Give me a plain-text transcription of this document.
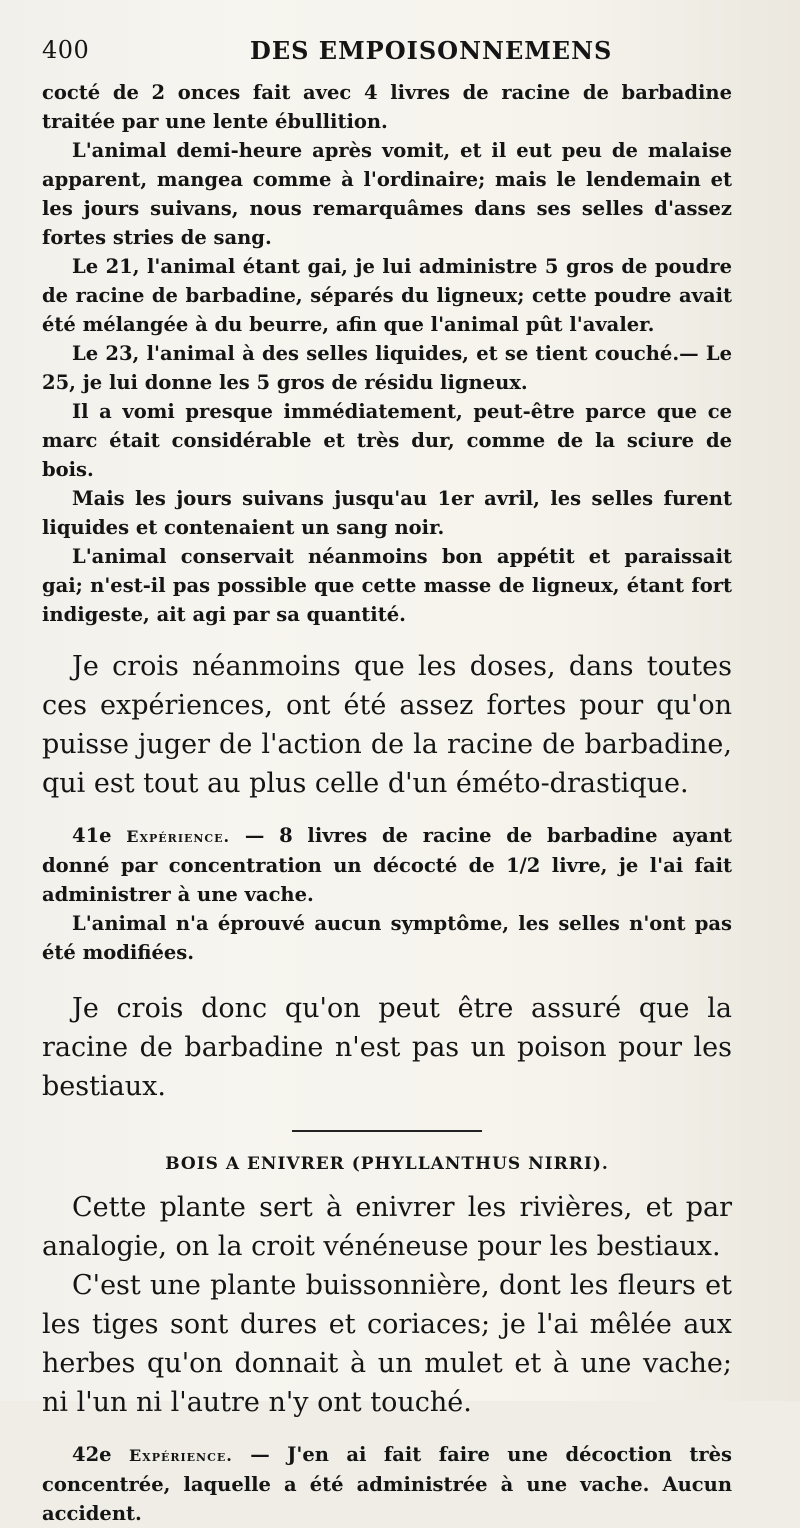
400	DES EMPOISONNEMENS

cocté de 2 onces fait avec 4 livres de racine de barbadine traitée par une lente ébullition.

L'animal demi-heure après vomit, et il eut peu de malaise apparent, mangea comme à l'ordinaire; mais le lendemain et les jours suivans, nous remarquâmes dans ses selles d'assez fortes stries de sang.

Le 21, l'animal étant gai, je lui administre 5 gros de poudre de racine de barbadine, séparés du ligneux; cette poudre avait été mélangée à du beurre, afin que l'animal pût l'avaler.

Le 23, l'animal à des selles liquides, et se tient couché.— Le 25, je lui donne les 5 gros de résidu ligneux.

Il a vomi presque immédiatement, peut-être parce que ce marc était considérable et très dur, comme de la sciure de bois.

Mais les jours suivans jusqu'au 1er avril, les selles furent liquides et contenaient un sang noir.

L'animal conservait néanmoins bon appétit et paraissait gai; n'est-il pas possible que cette masse de ligneux, étant fort indigeste, ait agi par sa quantité.

Je crois néanmoins que les doses, dans toutes ces expériences, ont été assez fortes pour qu'on puisse juger de l'action de la racine de barbadine, qui est tout au plus celle d'un éméto-drastique.

41e Expérience. — 8 livres de racine de barbadine ayant donné par concentration un décocté de 1/2 livre, je l'ai fait administrer à une vache.

L'animal n'a éprouvé aucun symptôme, les selles n'ont pas été modifiées.

Je crois donc qu'on peut être assuré que la racine de barbadine n'est pas un poison pour les bestiaux.

BOIS A ENIVRER (PHYLLANTHUS NIRRI).

Cette plante sert à enivrer les rivières, et par analogie, on la croit vénéneuse pour les bestiaux.

C'est une plante buissonnière, dont les fleurs et les tiges sont dures et coriaces; je l'ai mêlée aux herbes qu'on donnait à un mulet et à une vache; ni l'un ni l'autre n'y ont touché.

42e Expérience. — J'en ai fait faire une décoction très concentrée, laquelle a été administrée à une vache. Aucun accident.
